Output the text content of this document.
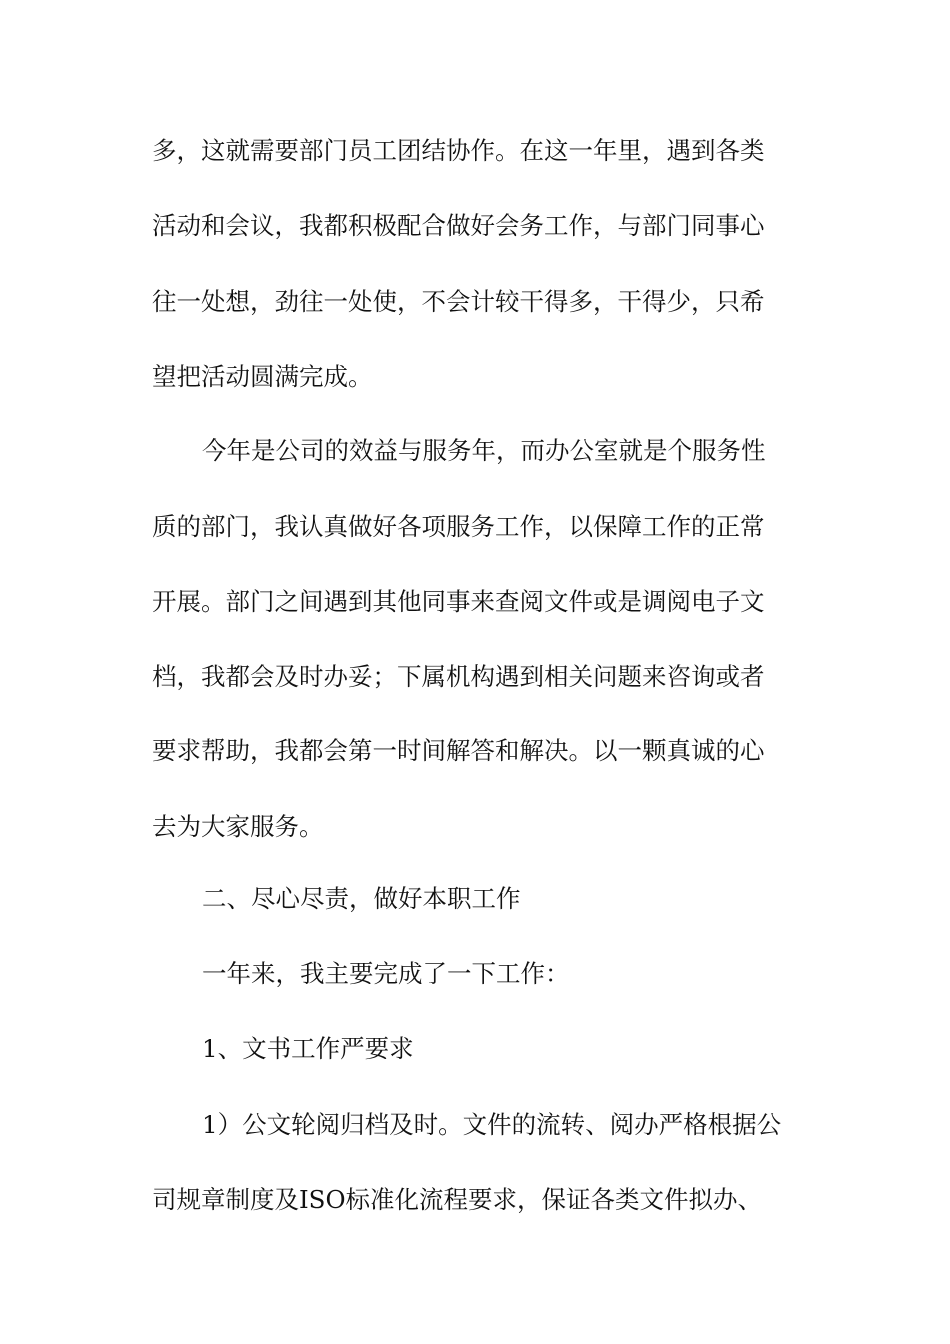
多，这就需要部门员工团结协作。在这一年里，遇到各类
活动和会议，我都积极配合做好会务工作，与部门同事心
往一处想，劲往一处使，不会计较干得多，干得少，只希
望把活动圆满完成。
今年是公司的效益与服务年，而办公室就是个服务性
质的部门，我认真做好各项服务工作，以保障工作的正常
开展。部门之间遇到其他同事来查阅文件或是调阅电子文
档，我都会及时办妥；下属机构遇到相关问题来咨询或者
要求帮助，我都会第一时间解答和解决。以一颗真诚的心
去为大家服务。
二、尽心尽责，做好本职工作
一年来，我主要完成了一下工作：
1、文书工作严要求
1）公文轮阅归档及时。文件的流转、阅办严格根据公
司规章制度及ISO标准化流程要求，保证各类文件拟办、
